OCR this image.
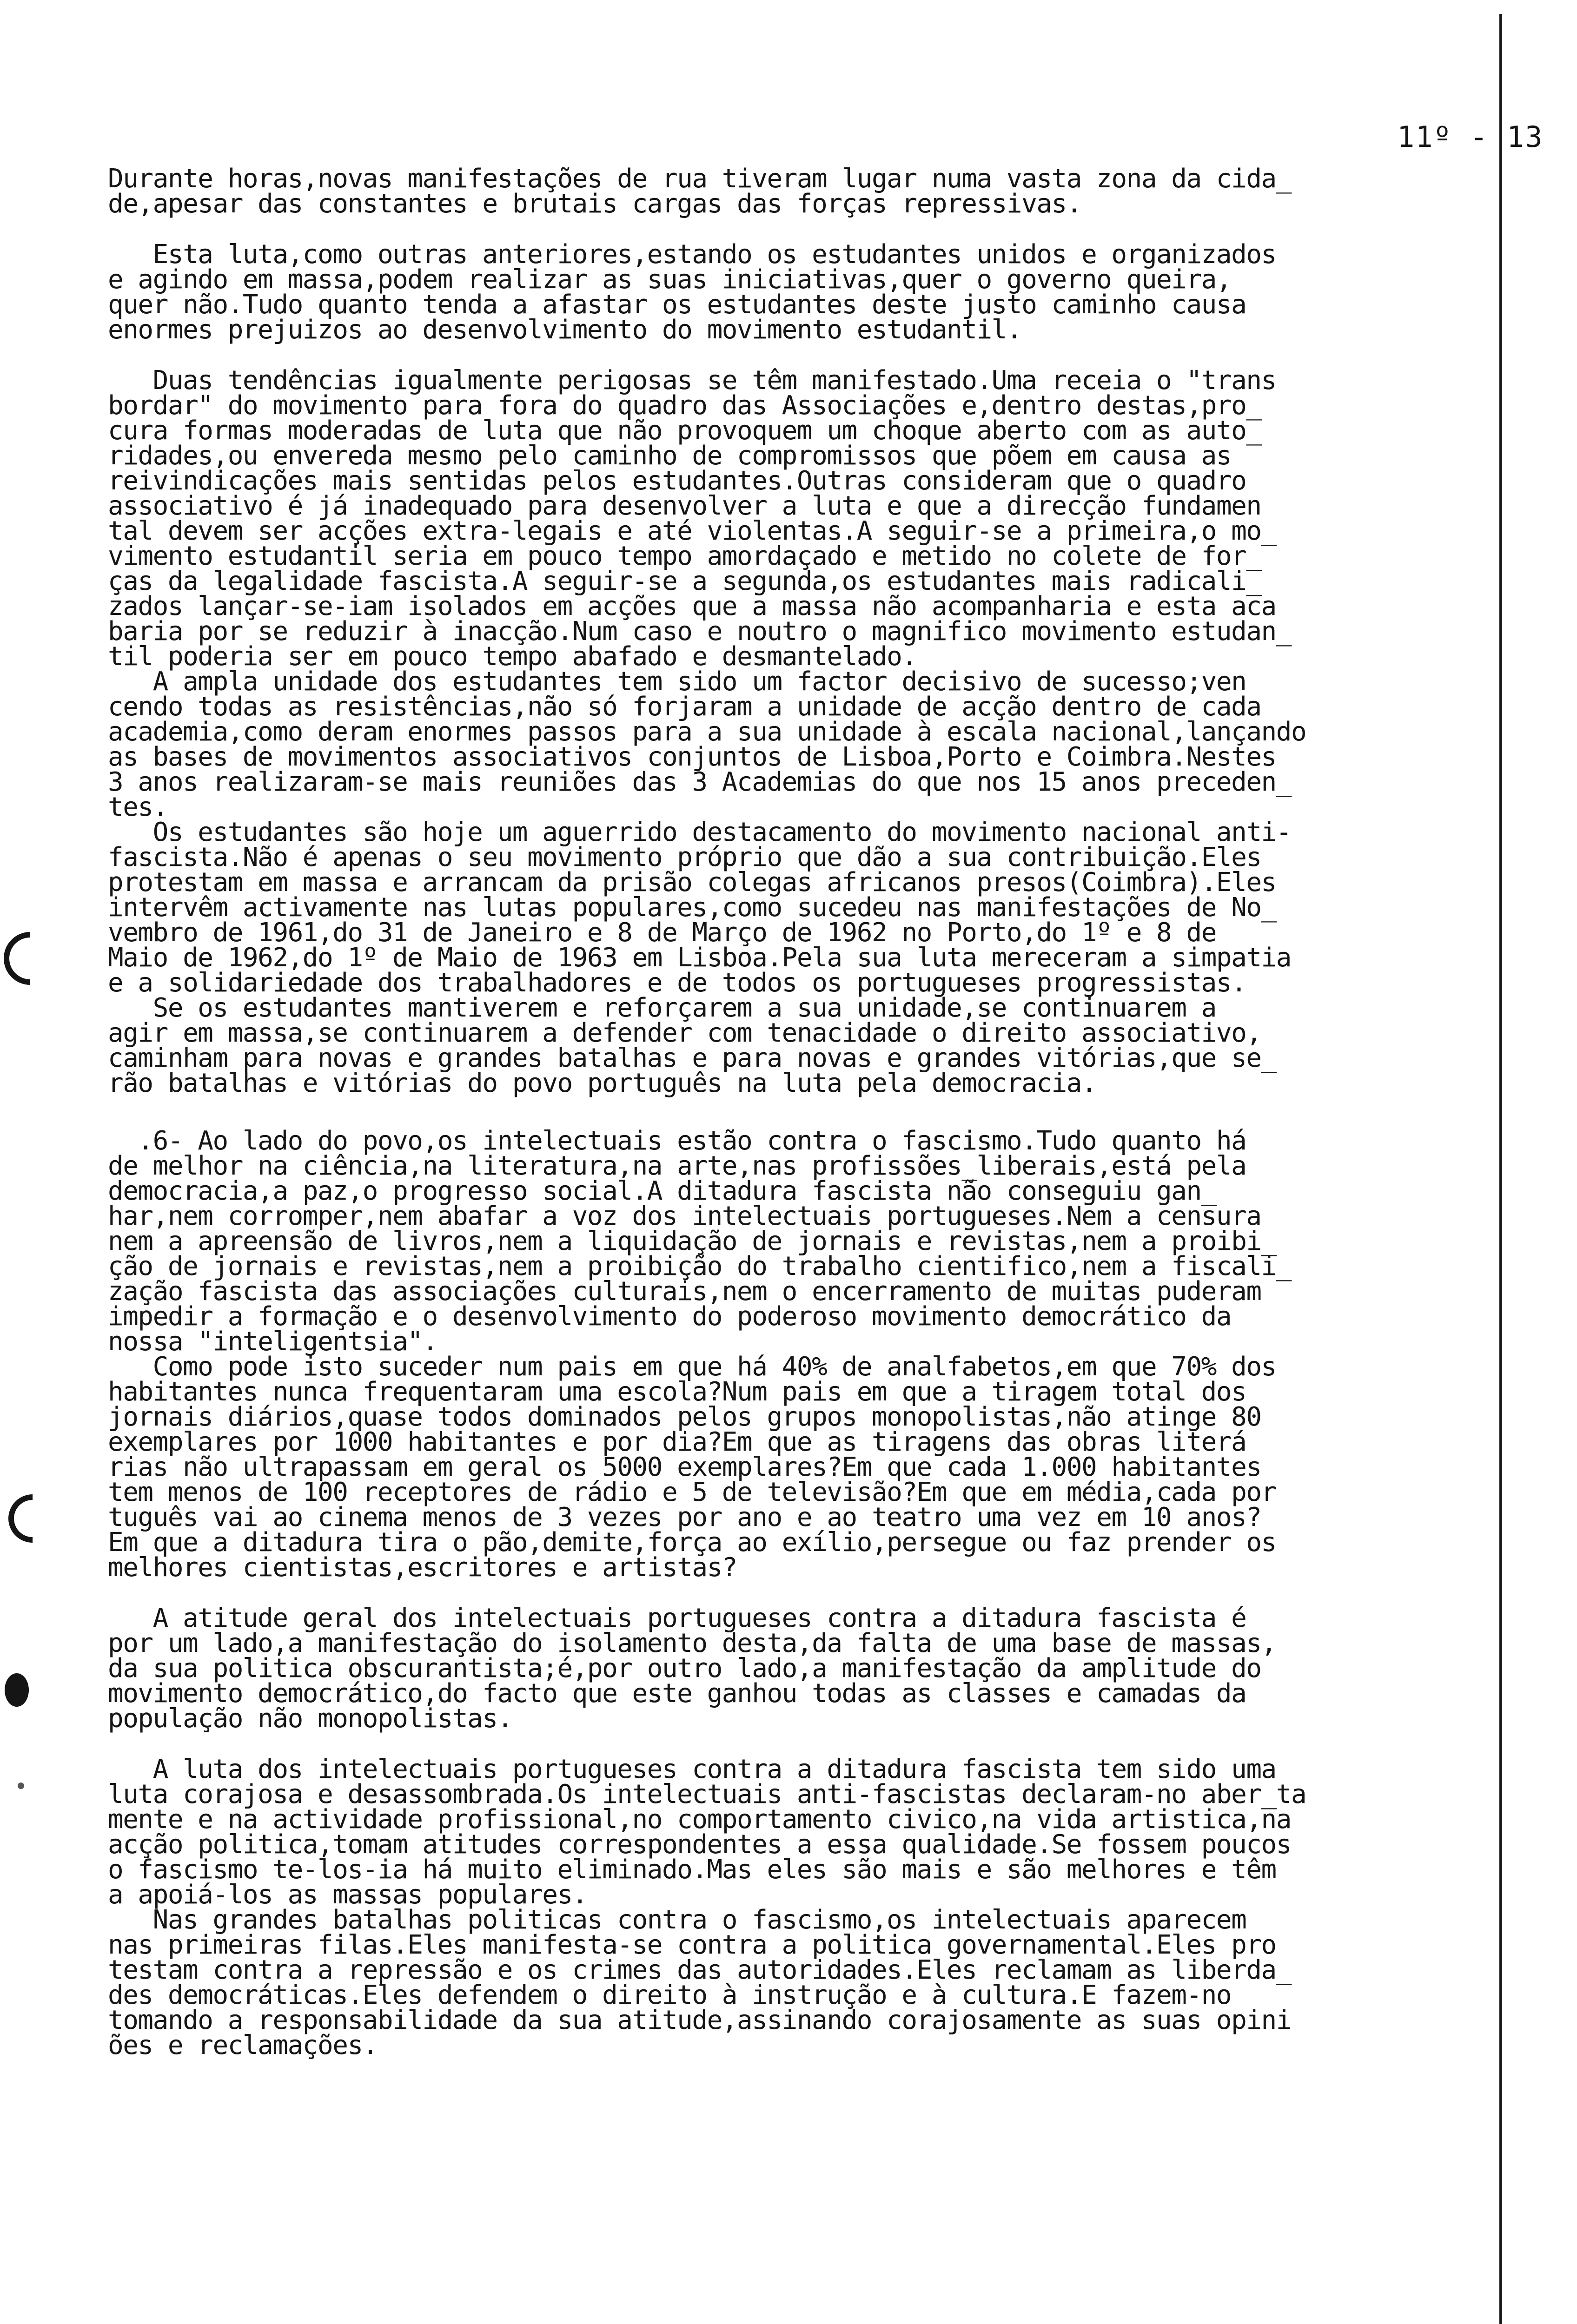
11º - 13
Durante horas,novas manifestações de rua tiveram lugar numa vasta zona da cida_
de,apesar das constantes e brutais cargas das forças repressivas.
Esta luta,como outras anteriores,estando os estudantes unidos e organizados
e agindo em massa,podem realizar as suas iniciativas,quer o governo queira,
quer não.Tudo quanto tenda a afastar os estudantes deste justo caminho causa
enormes prejuizos ao desenvolvimento do movimento estudantil.
Duas tendências igualmente perigosas se têm manifestado.Uma receia o "trans
bordar" do movimento para fora do quadro das Associações e,dentro destas,pro_
cura formas moderadas de luta que não provoquem um choque aberto com as auto_
ridades,ou envereda mesmo pelo caminho de compromissos que põem em causa as
reivindicações mais sentidas pelos estudantes.Outras consideram que o quadro
associativo é já inadequado para desenvolver a luta e que a direcção fundamen
tal devem ser acções extra-legais e até violentas.A seguir-se a primeira,o mo_
vimento estudantil seria em pouco tempo amordaçado e metido no colete de for_
ças da legalidade fascista.A seguir-se a segunda,os estudantes mais radicali_
zados lançar-se-iam isolados em acções que a massa não acompanharia e esta aca
baria por se reduzir à inacção.Num caso e noutro o magnifico movimento estudan_
til poderia ser em pouco tempo abafado e desmantelado.
A ampla unidade dos estudantes tem sido um factor decisivo de sucesso;ven
cendo todas as resistências,não só forjaram a unidade de acção dentro de cada
academia,como deram enormes passos para a sua unidade à escala nacional,lançando
as bases de movimentos associativos conjuntos de Lisboa,Porto e Coimbra.Nestes
3 anos realizaram-se mais reuniões das 3 Academias do que nos 15 anos preceden_
tes.
Os estudantes são hoje um aguerrido destacamento do movimento nacional anti-
fascista.Não é apenas o seu movimento próprio que dão a sua contribuição.Eles
protestam em massa e arrancam da prisão colegas africanos presos(Coimbra).Eles
intervêm activamente nas lutas populares,como sucedeu nas manifestações de No_
vembro de 1961,do 31 de Janeiro e 8 de Março de 1962 no Porto,do 1º e 8 de
Maio de 1962,do 1º de Maio de 1963 em Lisboa.Pela sua luta mereceram a simpatia
e a solidariedade dos trabalhadores e de todos os portugueses progressistas.
Se os estudantes mantiverem e reforçarem a sua unidade,se continuarem a
agir em massa,se continuarem a defender com tenacidade o direito associativo,
caminham para novas e grandes batalhas e para novas e grandes vitórias,que se_
rão batalhas e vitórias do povo português na luta pela democracia.
.6- Ao lado do povo,os intelectuais estão contra o fascismo.Tudo quanto há
de melhor na ciência,na literatura,na arte,nas profissões_liberais,está pela
democracia,a paz,o progresso social.A ditadura fascista não conseguiu gan_
har,nem corromper,nem abafar a voz dos intelectuais portugueses.Nem a censura
nem a apreensão de livros,nem a liquidação de jornais e revistas,nem a proibi_
ção de jornais e revistas,nem a proibição do trabalho cientifico,nem a fiscali_
zação fascista das associações culturais,nem o encerramento de muitas puderam
impedir a formação e o desenvolvimento do poderoso movimento democrático da
nossa "inteligentsia".
Como pode isto suceder num pais em que há 40% de analfabetos,em que 70% dos
habitantes nunca frequentaram uma escola?Num pais em que a tiragem total dos
jornais diários,quase todos dominados pelos grupos monopolistas,não atinge 80
exemplares por 1000 habitantes e por dia?Em que as tiragens das obras literá
rias não ultrapassam em geral os 5000 exemplares?Em que cada 1.000 habitantes
tem menos de 100 receptores de rádio e 5 de televisão?Em que em média,cada por
tuguês vai ao cinema menos de 3 vezes por ano e ao teatro uma vez em 10 anos?
Em que a ditadura tira o pão,demite,força ao exílio,persegue ou faz prender os
melhores cientistas,escritores e artistas?
A atitude geral dos intelectuais portugueses contra a ditadura fascista é
por um lado,a manifestação do isolamento desta,da falta de uma base de massas,
da sua politica obscurantista;é,por outro lado,a manifestação da amplitude do
movimento democrático,do facto que este ganhou todas as classes e camadas da
população não monopolistas.
A luta dos intelectuais portugueses contra a ditadura fascista tem sido uma
luta corajosa e desassombrada.Os intelectuais anti-fascistas declaram-no aber_ta
mente e na actividade profissional,no comportamento civico,na vida artistica,na
acção politica,tomam atitudes correspondentes a essa qualidade.Se fossem poucos
o fascismo te-los-ia há muito eliminado.Mas eles são mais e são melhores e têm
a apoiá-los as massas populares.
Nas grandes batalhas politicas contra o fascismo,os intelectuais aparecem
nas primeiras filas.Eles manifesta-se contra a politica governamental.Eles pro
testam contra a repressão e os crimes das autoridades.Eles reclamam as liberda_
des democráticas.Eles defendem o direito à instrução e à cultura.E fazem-no
tomando a responsabilidade da sua atitude,assinando corajosamente as suas opini
ões e reclamações.
